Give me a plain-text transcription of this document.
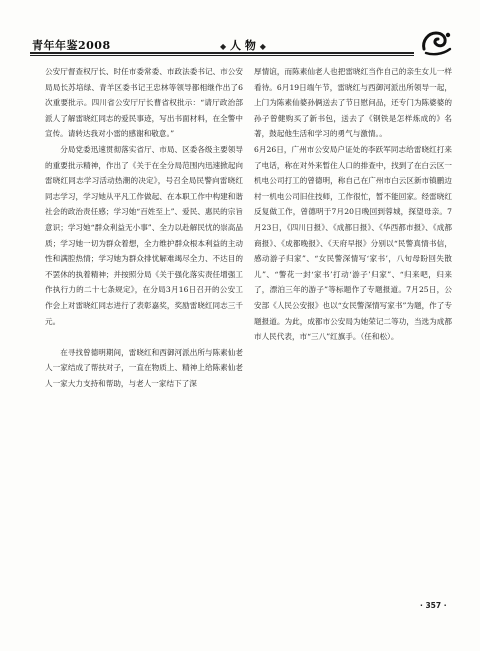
青年年鉴2008	◆ 人 物 ◆

公安厅督查权厅长、时任市委常委、市政法委书记、市公安局局长苏培绿、青羊区委书记王忠林等领导都相继作出了6次重要批示。四川省公安厅厅长曹省权批示：“请厅政治部派人了解雷晓红同志的爱民事迹，写出书面材料，在全警中宣传。请转达我对小雷的感谢和敬意。”

分局党委迅速贯彻落实省厅、市局、区委各级主要领导的重要批示精神，作出了《关于在全分局范围内迅速掀起向雷晓红同志学习活动热潮的决定》，号召全局民警向雷晓红同志学习，学习她从平凡工作做起、在本职工作中构建和谐社会的政治责任感；学习她“百姓至上”、爱民、惠民的宗旨意识；学习她“群众利益无小事”、全力以赴解民忧的崇高品质；学习她一切为群众着想，全力维护群众根本利益的主动性和满腔热情；学习她为群众排忧解难竭尽全力、不达目的不罢休的执着精神；并按照分局《关于强化落实责任增强工作执行力的二十七条规定》，在分局3月16日召开的公安工作会上对雷晓红同志进行了表彰嘉奖，奖励雷晓红同志三千元。

在寻找曾德明期间，雷晓红和西御河派出所与陈素仙老人一家结成了帮扶对子，一直在物质上、精神上给陈素仙老人一家大力支持和帮助，与老人一家结下了深

厚情谊，而陈素仙老人也把雷晓红当作自己的亲生女儿一样看待。6月19日端午节，雷晓红与西御河派出所领导一起，上门为陈素仙婆孙俩送去了节日慰问品，还专门为陈婆婆的孙子曾健购买了新书包，送去了《钢铁是怎样炼成的》名著，鼓起他生活和学习的勇气与激情。。

6月26日，广州市公安局户证处的李跃军同志给雷晓红打来了电话，称在对外来暂住人口的排查中，找到了在白云区一机电公司打工的曾德明，称自己在广州市白云区新市镇鹏边村一机电公司旧住技师，工作很忙，暂不能回家。经雷晓红反复做工作，曾德明于7月20日晚回到蓉城，探望母亲。7月23日，《四川日报》、《成都日报》、《华西都市报》、《成都商报》、《成都晚报》、《天府早报》分别以“民警真情书信，感动游子归家”、“女民警深情写‘家书’，八旬母盼回失散儿”、“警花一封‘家书’打动‘游子’归家”、“归来吧，归来了，漂泊三年的游子”等标题作了专题报道。7月25日，公安部《人民公安报》也以“女民警深情写家书”为题，作了专题报道。为此，成都市公安局为她荣记二等功，当选为成都市人民代表，市“三八”红旗手。（任和松）。

· 357 ·
